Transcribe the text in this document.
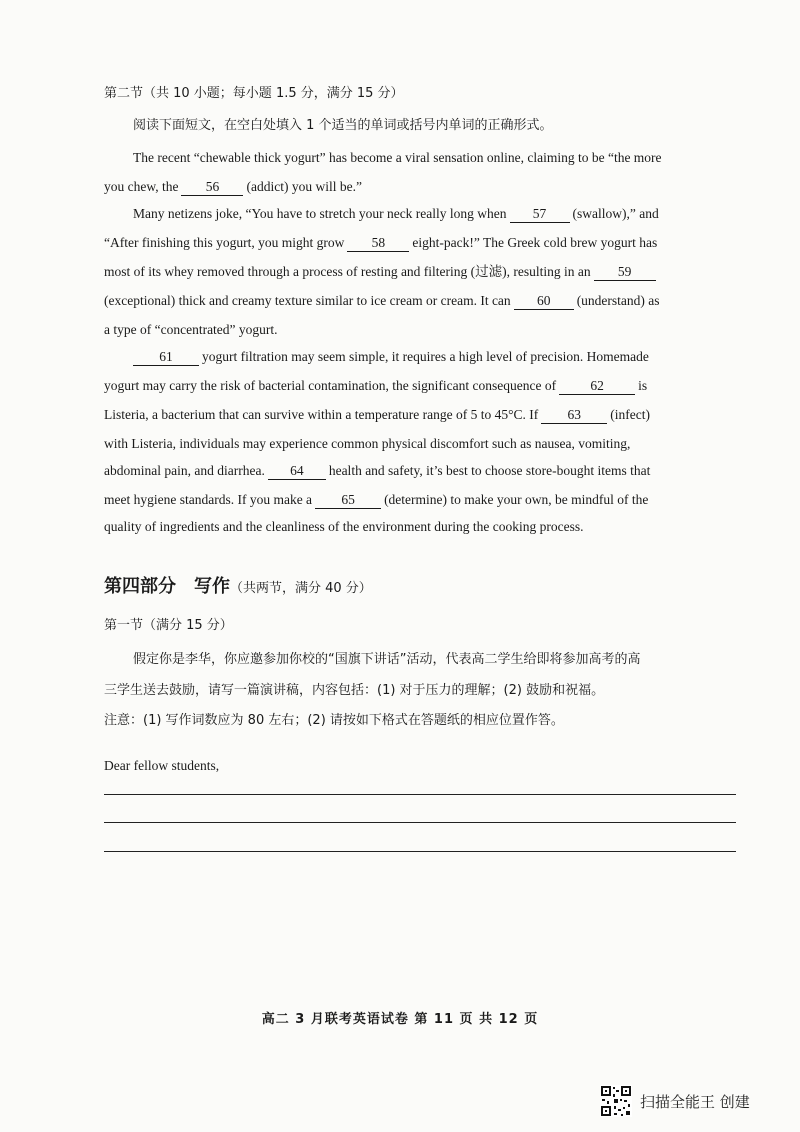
第二节（共 10 小题；每小题 1.5 分，满分 15 分）
阅读下面短文，在空白处填入 1 个适当的单词或括号内单词的正确形式。
The recent “chewable thick yogurt” has become a viral sensation online, claiming to be “the more
you chew, the 56 (addict) you will be.”
Many netizens joke, “You have to stretch your neck really long when 57 (swallow),” and
“After finishing this yogurt, you might grow 58 eight-pack!” The Greek cold brew yogurt has
most of its whey removed through a process of resting and filtering (过滤), resulting in an 59
(exceptional) thick and creamy texture similar to ice cream or cream. It can 60 (understand) as
a type of “concentrated” yogurt.
61 yogurt filtration may seem simple, it requires a high level of precision. Homemade
yogurt may carry the risk of bacterial contamination, the significant consequence of	62	is
Listeria, a bacterium that can survive within a temperature range of 5 to 45°C. If 63 (infect)
with Listeria, individuals may experience common physical discomfort such as nausea, vomiting,
abdominal pain, and diarrhea. 64 health and safety, it’s best to choose store-bought items that
meet hygiene standards. If you make a 65 (determine) to make your own, be mindful of the
quality of ingredients and the cleanliness of the environment during the cooking process.
第四部分　写作（共两节，满分 40 分）
第一节（满分 15 分）
假定你是李华，你应邀参加你校的“国旗下讲话”活动，代表高二学生给即将参加高考的高
三学生送去鼓励，请写一篇演讲稿，内容包括：(1) 对于压力的理解；(2) 鼓励和祝福。
注意：(1) 写作词数应为 80 左右；(2) 请按如下格式在答题纸的相应位置作答。
Dear fellow students,
高二 3 月联考英语试卷 第 11 页 共 12 页
扫描全能王 创建
